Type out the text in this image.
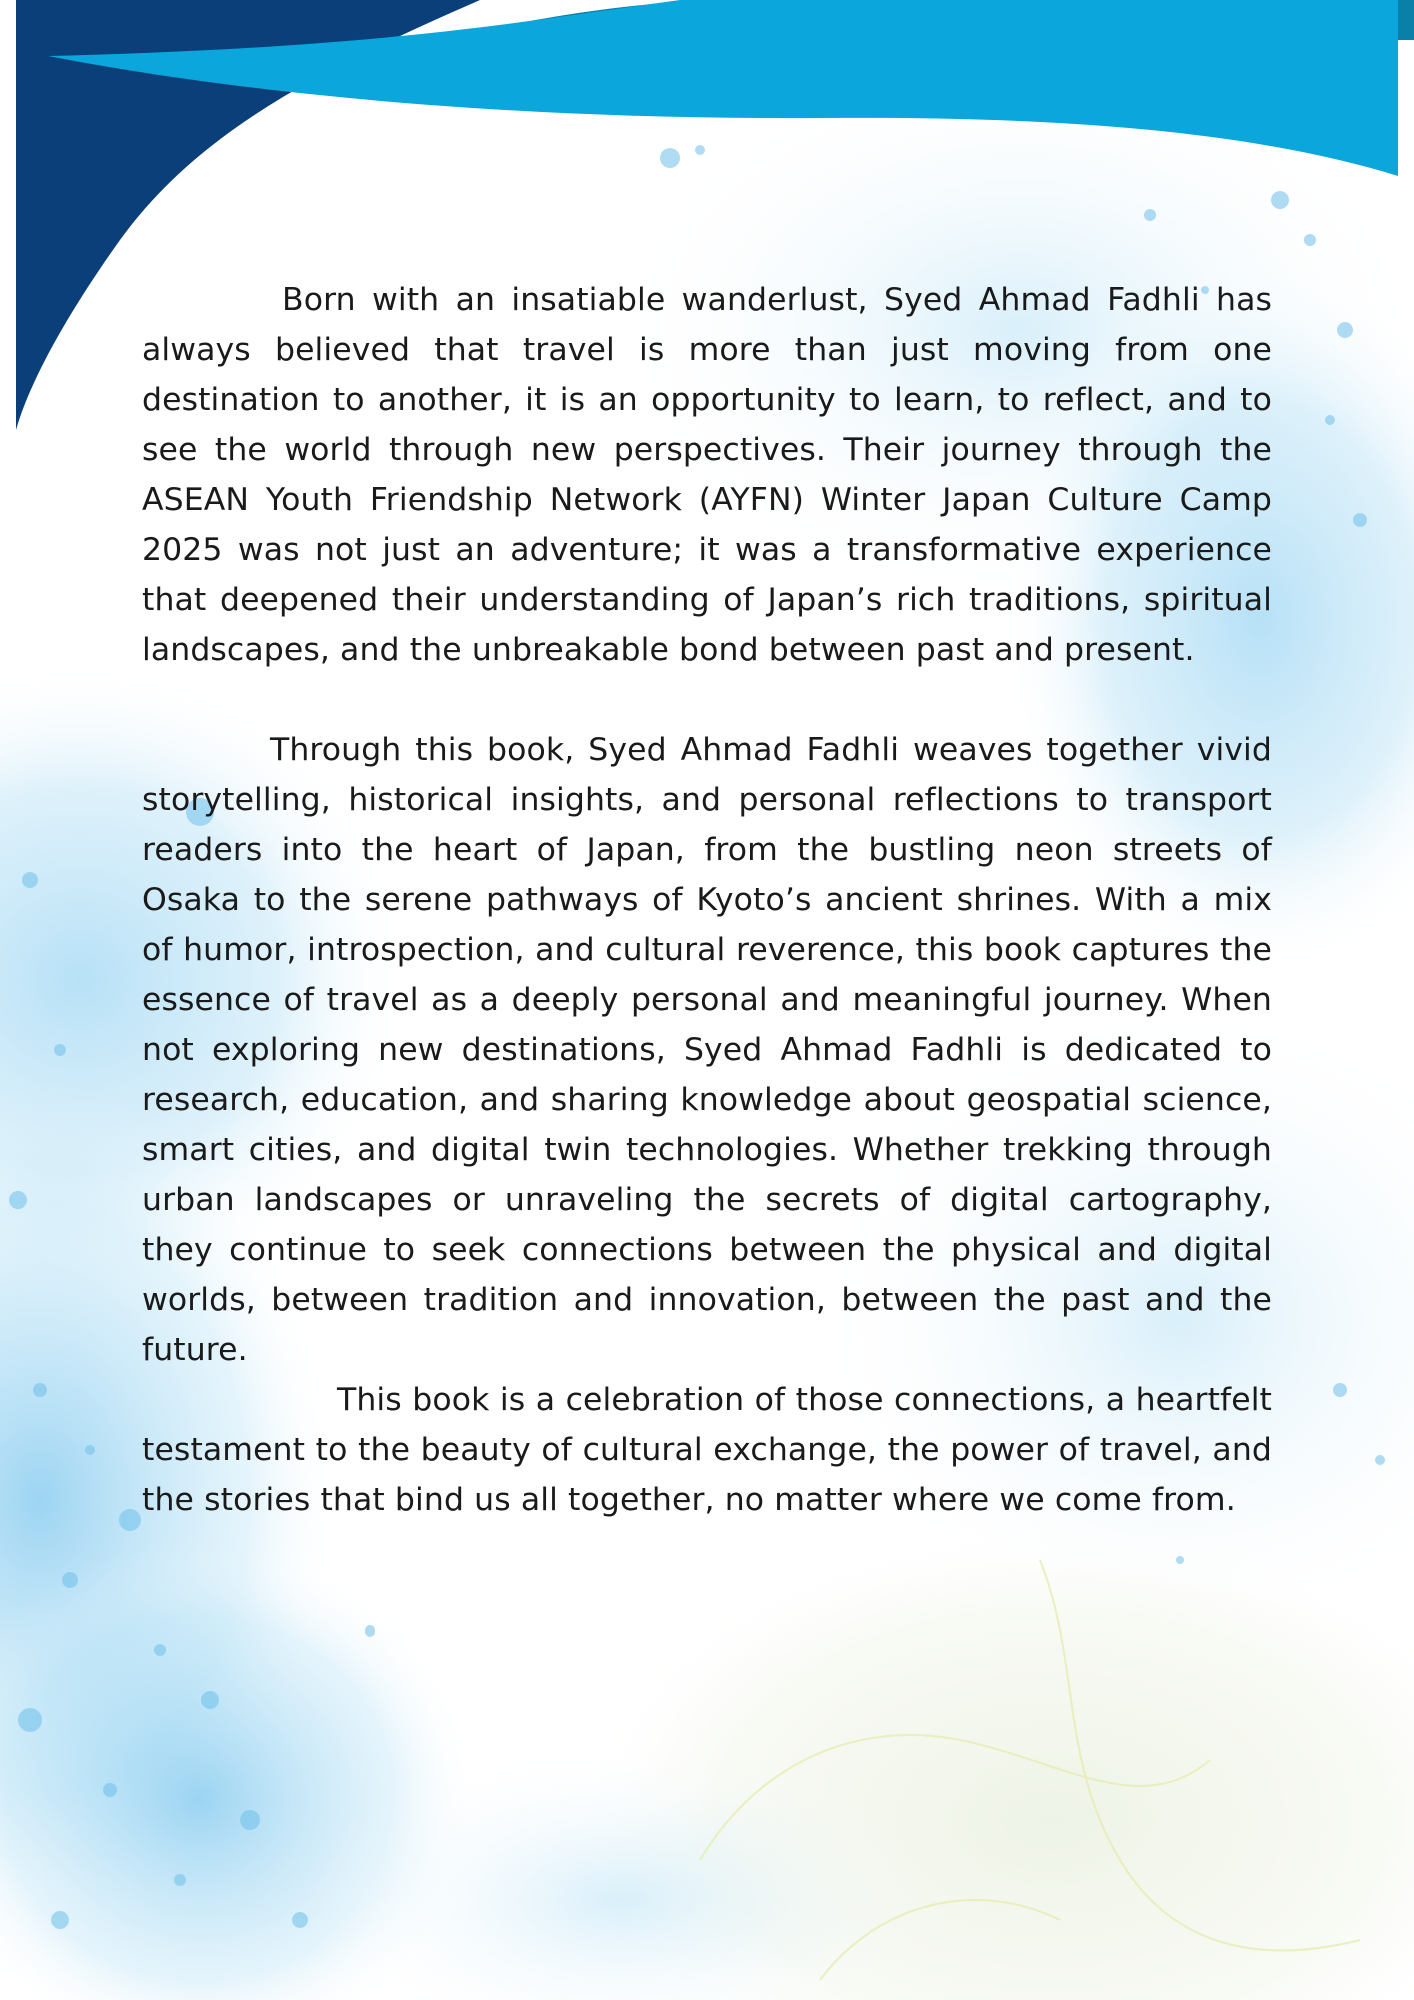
Born with an insatiable wanderlust, Syed Ahmad Fadhli has always believed that travel is more than just moving from one destination to another, it is an opportunity to learn, to reflect, and to see the world through new perspectives. Their journey through the ASEAN Youth Friendship Network (AYFN) Winter Japan Culture Camp 2025 was not just an adventure; it was a transformative experience that deepened their understanding of Japan’s rich traditions, spiritual landscapes, and the unbreakable bond between past and present.

Through this book, Syed Ahmad Fadhli weaves together vivid storytelling, historical insights, and personal reflections to transport readers into the heart of Japan, from the bustling neon streets of Osaka to the serene pathways of Kyoto’s ancient shrines. With a mix of humor, introspection, and cultural reverence, this book captures the essence of travel as a deeply personal and meaningful journey. When not exploring new destinations, Syed Ahmad Fadhli is dedicated to research, education, and sharing knowledge about geospatial science, smart cities, and digital twin technologies. Whether trekking through urban landscapes or unraveling the secrets of digital cartography, they continue to seek connections between the physical and digital worlds, between tradition and innovation, between the past and the future.

This book is a celebration of those connections, a heartfelt testament to the beauty of cultural exchange, the power of travel, and the stories that bind us all together, no matter where we come from.
